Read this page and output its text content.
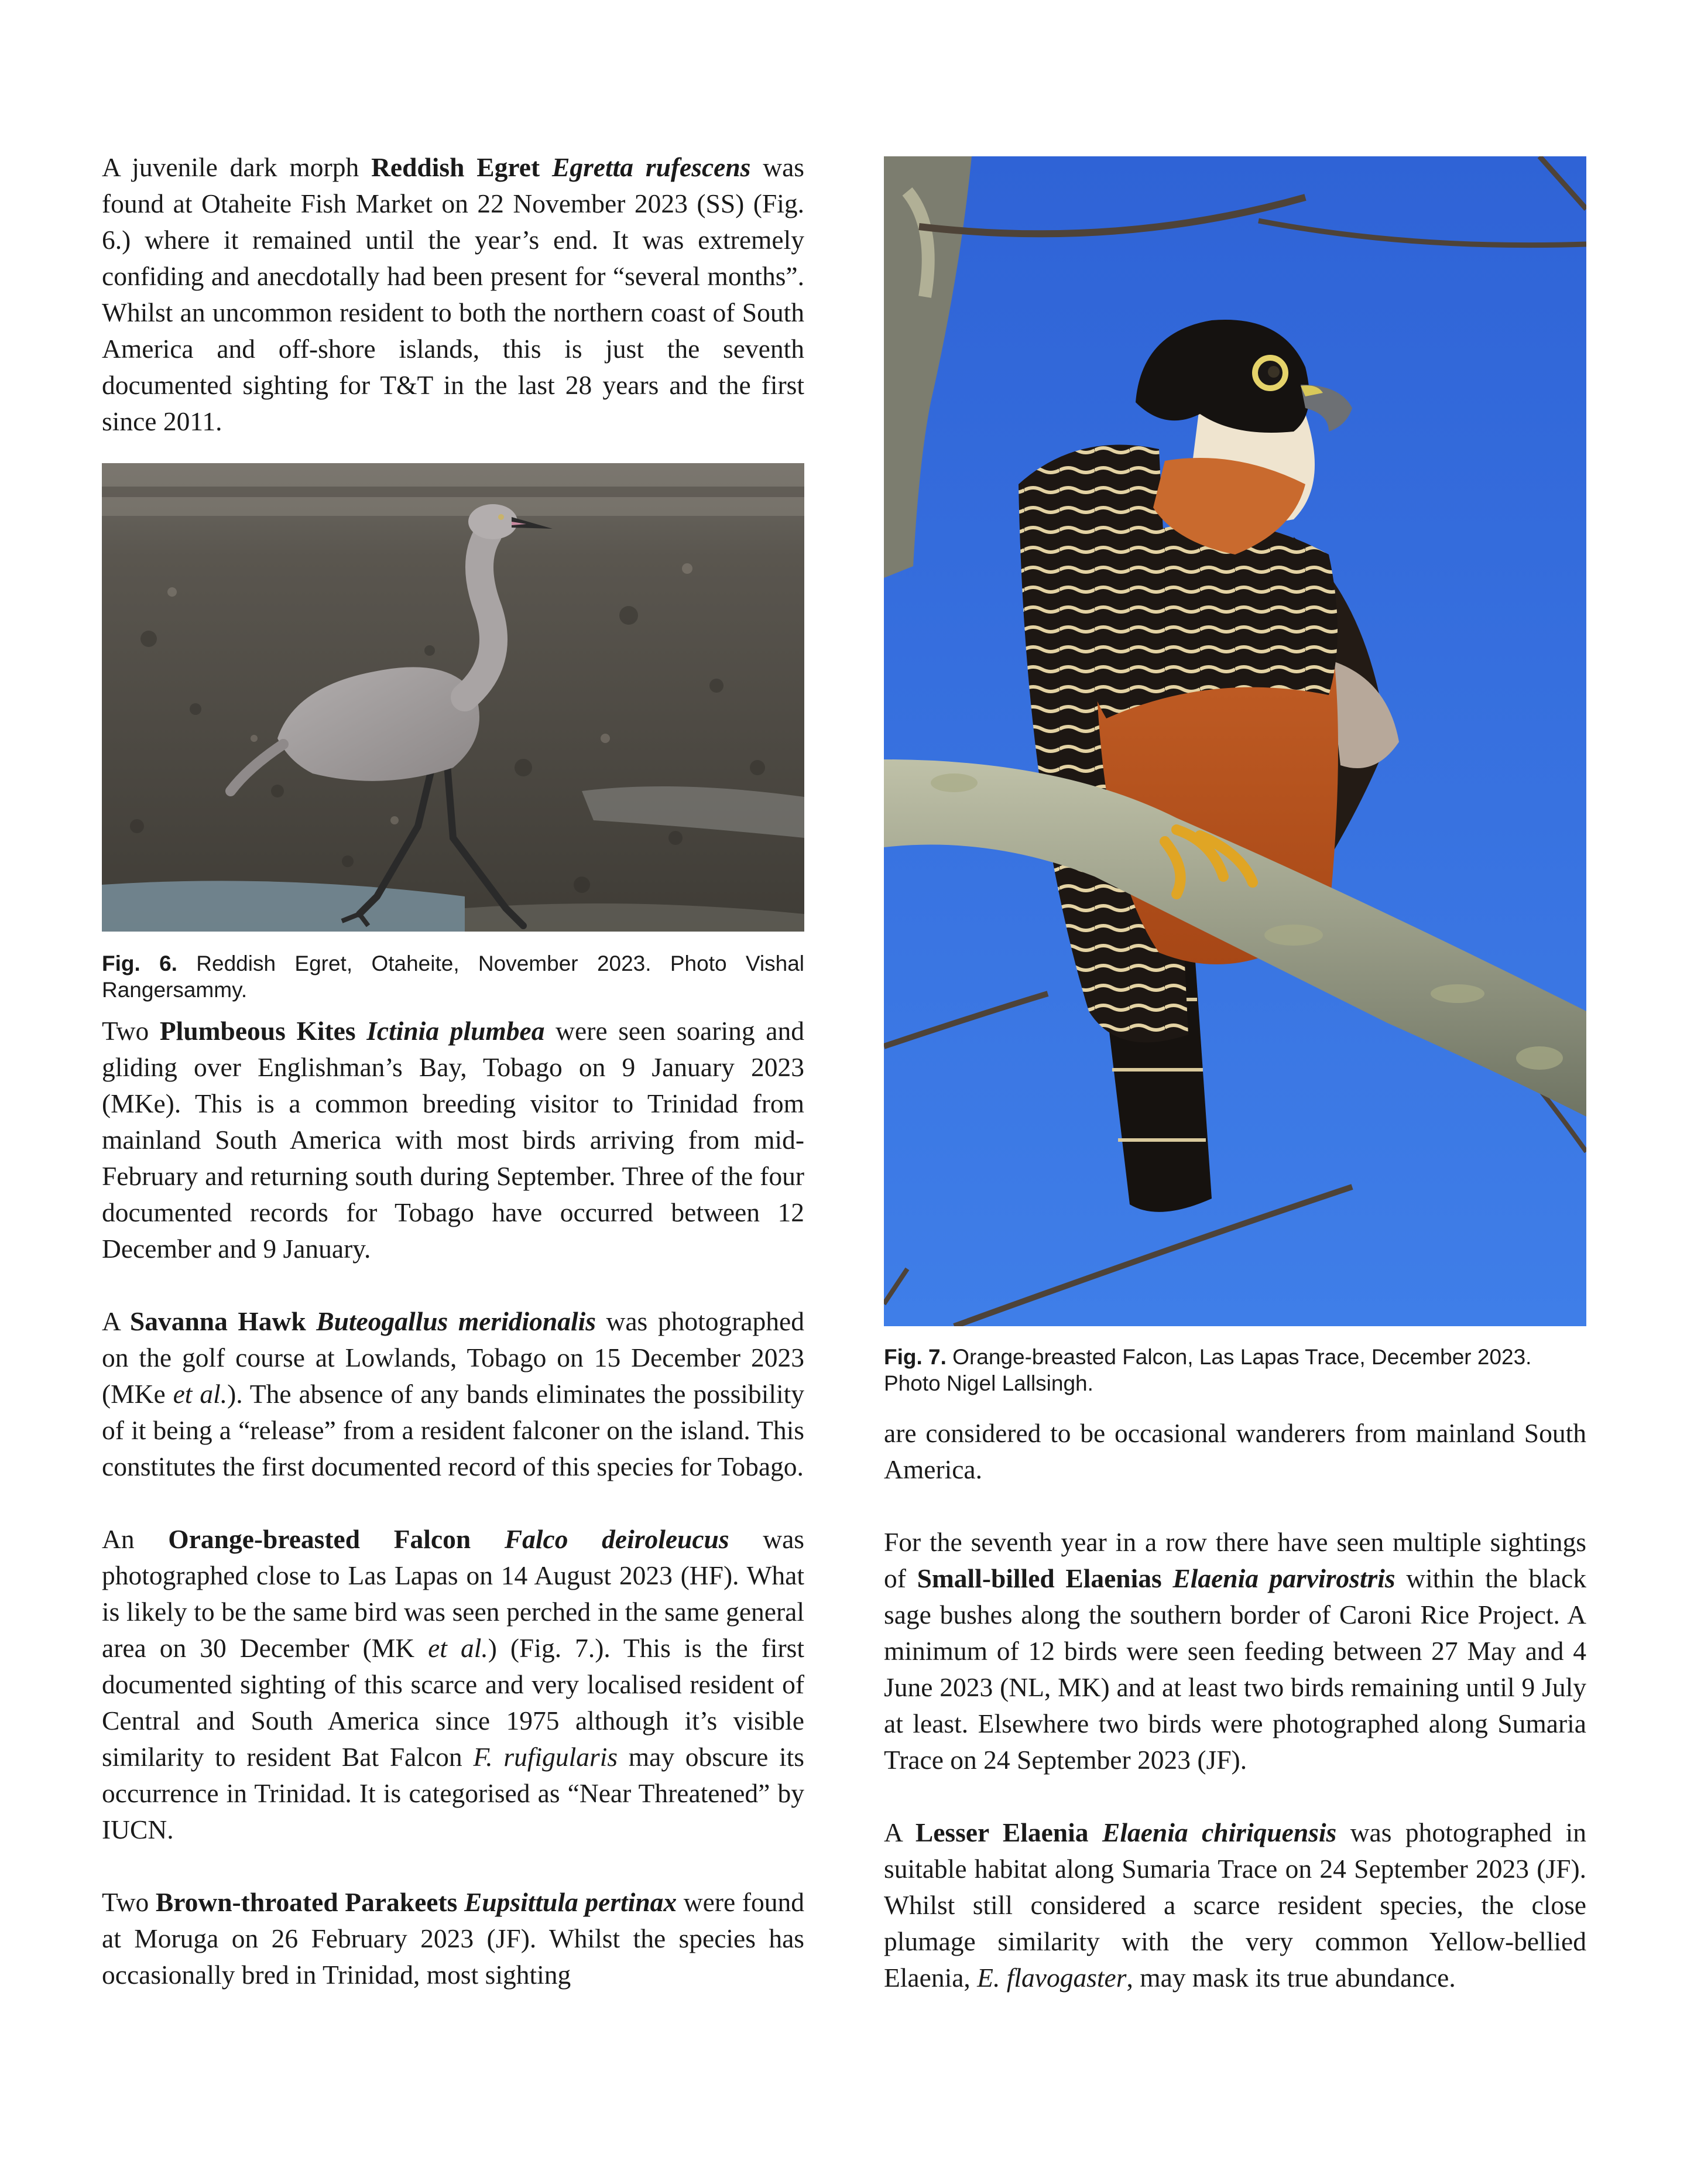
A juvenile dark morph Reddish Egret Egretta rufescens was found at Otaheite Fish Market on 22 November 2023 (SS) (Fig. 6.) where it remained until the year’s end. It was extremely confiding and anecdotally had been present for “several months”. Whilst an uncommon resident to both the northern coast of South America and off-shore islands, this is just the seventh documented sighting for T&T in the last 28 years and the first since 2011.

Fig. 6. Reddish Egret, Otaheite, November 2023. Photo Vishal Rangersammy.

Two Plumbeous Kites Ictinia plumbea were seen soaring and gliding over Englishman’s Bay, Tobago on 9 January 2023 (MKe). This is a common breeding visitor to Trinidad from mainland South America with most birds arriving from mid-February and returning south during September. Three of the four documented records for Tobago have occurred between 12 December and 9 January.

A Savanna Hawk Buteogallus meridionalis was photographed on the golf course at Lowlands, Tobago on 15 December 2023 (MKe et al.). The absence of any bands eliminates the possibility of it being a “release” from a resident falconer on the island. This constitutes the first documented record of this species for Tobago.

An Orange-breasted Falcon Falco deiroleucus was photographed close to Las Lapas on 14 August 2023 (HF). What is likely to be the same bird was seen perched in the same general area on 30 December (MK et al.) (Fig. 7.). This is the first documented sighting of this scarce and very localised resident of Central and South America since 1975 although it’s visible similarity to resident Bat Falcon F. rufigularis may obscure its occurrence in Trinidad. It is categorised as “Near Threatened” by IUCN.

Two Brown-throated Parakeets Eupsittula pertinax were found at Moruga on 26 February 2023 (JF). Whilst the species has occasionally bred in Trinidad, most sighting

Fig. 7. Orange-breasted Falcon, Las Lapas Trace, December 2023. Photo Nigel Lallsingh.

are considered to be occasional wanderers from mainland South America.

For the seventh year in a row there have seen multiple sightings of Small-billed Elaenias Elaenia parvirostris within the black sage bushes along the southern border of Caroni Rice Project. A minimum of 12 birds were seen feeding between 27 May and 4 June 2023 (NL, MK) and at least two birds remaining until 9 July at least. Elsewhere two birds were photographed along Sumaria Trace on 24 September 2023 (JF).

A Lesser Elaenia Elaenia chiriquensis was photographed in suitable habitat along Sumaria Trace on 24 September 2023 (JF). Whilst still considered a scarce resident species, the close plumage similarity with the very common Yellow-bellied Elaenia, E. flavogaster, may mask its true abundance.
